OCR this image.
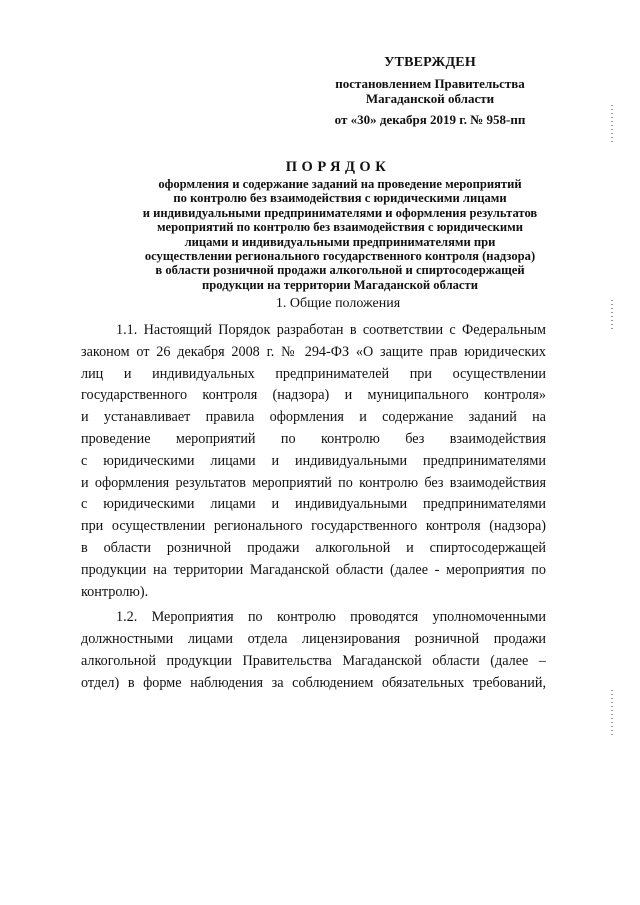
УТВЕРЖДЕН
постановлением Правительства
Магаданской области
от «30» декабря 2019 г. № 958-пп
ПОРЯДОК
оформления и содержание заданий на проведение мероприятий
по контролю без взаимодействия с юридическими лицами
и индивидуальными предпринимателями и оформления результатов
мероприятий по контролю без взаимодействия с юридическими
лицами и индивидуальными предпринимателями при
осуществлении регионального государственного контроля (надзора)
в области розничной продажи алкогольной и спиртосодержащей
продукции на территории Магаданской области
1. Общие положения
1.1. Настоящий Порядок разработан в соответствии с Федеральным
законом от 26 декабря 2008 г. № 294-ФЗ «О защите прав юридических
лиц и индивидуальных предпринимателей при осуществлении
государственного контроля (надзора) и муниципального контроля»
и устанавливает правила оформления и содержание заданий на
проведение мероприятий по контролю без взаимодействия
с юридическими лицами и индивидуальными предпринимателями
и оформления результатов мероприятий по контролю без взаимодействия
с юридическими лицами и индивидуальными предпринимателями
при осуществлении регионального государственного контроля (надзора)
в области розничной продажи алкогольной и спиртосодержащей
продукции на территории Магаданской области (далее - мероприятия по
контролю).
1.2. Мероприятия по контролю проводятся уполномоченными
должностными лицами отдела лицензирования розничной продажи
алкогольной продукции Правительства Магаданской области (далее –
отдел) в форме наблюдения за соблюдением обязательных требований,
